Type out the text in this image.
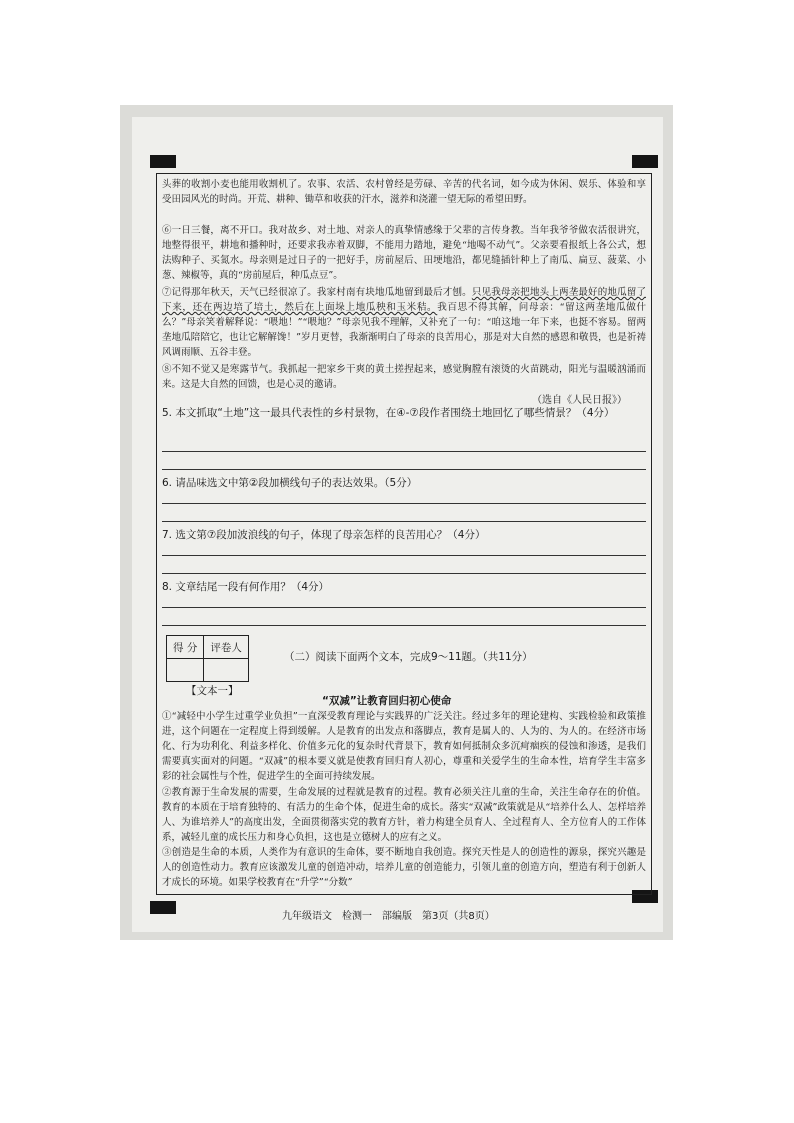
头葬的收割小麦也能用收割机了。农事、农活、农村曾经是劳碌、辛苦的代名词，如今成为休闲、娱乐、体验和享受田园风光的时尚。开荒、耕种、锄草和收获的汗水，滋养和浇灌一望无际的希望田野。

⑥一日三餐，离不开口。我对故乡、对土地、对亲人的真挚情感缘于父辈的言传身教。当年我爷爷做农活很讲究，地整得很平，耕地和播种时，还要求我赤着双脚，不能用力踏地，避免“地喝不动气”。父亲要看报纸上各公式，想法购种子、买氮水。母亲则是过日子的一把好手，房前屋后、田埂地沿，都见缝插针种上了南瓜、扁豆、菠菜、小葱、辣椒等，真的“房前屋后，种瓜点豆”。

⑦记得那年秋天，天气已经很凉了。我家村南有块地瓜地留到最后才刨。只见我母亲把地头上两垄最好的地瓜留了下来，还在两边培了培土，然后在上面垛上地瓜秧和玉米秸。我百思不得其解，问母亲：“留这两垄地瓜做什么？”母亲笑着解释说：“喂地！”“喂地？”母亲见我不理解，又补充了一句：“咱这地一年下来，也挺不容易。留两垄地瓜陪陪它，也让它解解馋！”岁月更替，我渐渐明白了母亲的良苦用心，那是对大自然的感恩和敬畏，也是祈祷风调雨顺、五谷丰登。

⑧不知不觉又是寒露节气。我抓起一把家乡干爽的黄土搓捏起来，感觉胸膛有滚烫的火苗跳动，阳光与温暖汹涌而来。这是大自然的回馈，也是心灵的邀请。

（选自《人民日报》）

5. 本文抓取“土地”这一最具代表性的乡村景物，在④-⑦段作者围绕土地回忆了哪些情景？（4分）

6. 请品味选文中第②段加横线句子的表达效果。（5分）

7. 选文第⑦段加波浪线的句子，体现了母亲怎样的良苦用心？（4分）

8. 文章结尾一段有何作用？（4分）

得 分	评卷人

（二）阅读下面两个文本，完成9～11题。（共11分）

【文本一】
“双减”让教育回归初心使命

①“减轻中小学生过重学业负担”一直深受教育理论与实践界的广泛关注。经过多年的理论建构、实践检验和政策推进，这个问题在一定程度上得到缓解。人是教育的出发点和落脚点，教育是属人的、人为的、为人的。在经济市场化、行为功利化、利益多样化、价值多元化的复杂时代背景下，教育如何抵制众多沉疴痼疾的侵蚀和渗透，是我们需要真实面对的问题。“双减”的根本要义就是使教育回归育人初心，尊重和关爱学生的生命本性，培育学生丰富多彩的社会属性与个性，促进学生的全面可持续发展。

②教育源于生命发展的需要，生命发展的过程就是教育的过程。教育必须关注儿童的生命，关注生命存在的价值。教育的本质在于培育独特的、有活力的生命个体，促进生命的成长。落实“双减”政策就是从“培养什么人、怎样培养人、为谁培养人”的高度出发，全面贯彻落实党的教育方针，着力构建全员育人、全过程育人、全方位育人的工作体系，减轻儿童的成长压力和身心负担，这也是立德树人的应有之义。

③创造是生命的本质，人类作为有意识的生命体，要不断地自我创造。探究天性是人的创造性的源泉，探究兴趣是人的创造性动力。教育应该激发儿童的创造冲动，培养儿童的创造能力，引领儿童的创造方向，塑造有利于创新人才成长的环境。如果学校教育在“升学”“分数”

九年级语文　检测一　部编版　第3页（共8页）
